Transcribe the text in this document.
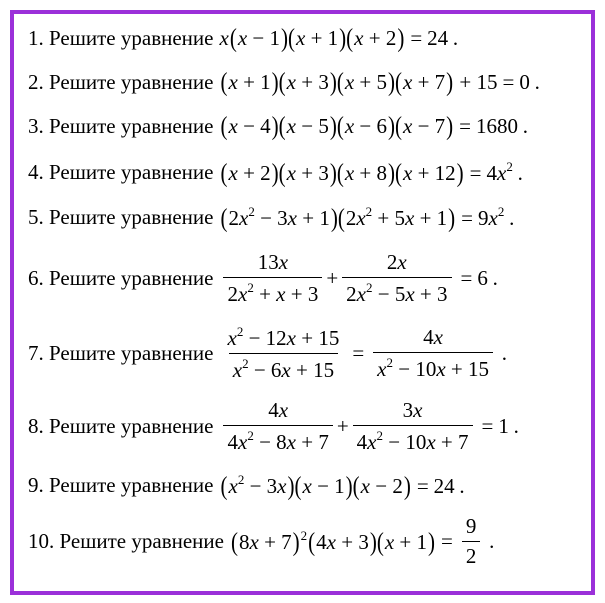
1. Решите уравнение x(x − 1)(x + 1)(x + 2) = 24 .
2. Решите уравнение (x + 1)(x + 3)(x + 5)(x + 7) + 15 = 0 .
3. Решите уравнение (x − 4)(x − 5)(x − 6)(x − 7) = 1680 .
4. Решите уравнение $(x + 2)(x + 3)(x + 8)(x + 12) = 4x^2$ .
5. Решите уравнение $(2x^2 - 3x + 1)(2x^2 + 5x + 1) = 9x^2$ .
6. Решите уравнение $\frac{13x}{2x^2 + x + 3} + \frac{2x}{2x^2 - 5x + 3} = 6$ .
7. Решите уравнение $\frac{x^2 - 12x + 15}{x^2 - 6x + 15} = \frac{4x}{x^2 - 10x + 15}$ .
8. Решите уравнение $\frac{4x}{4x^2 - 8x + 7} + \frac{3x}{4x^2 - 10x + 7} = 1$ .
9. Решите уравнение $(x^2 - 3x)(x - 1)(x - 2) = 24$ .
10. Решите уравнение $(8x + 7)^2(4x + 3)(x + 1) = \frac{9}{2}$ .
